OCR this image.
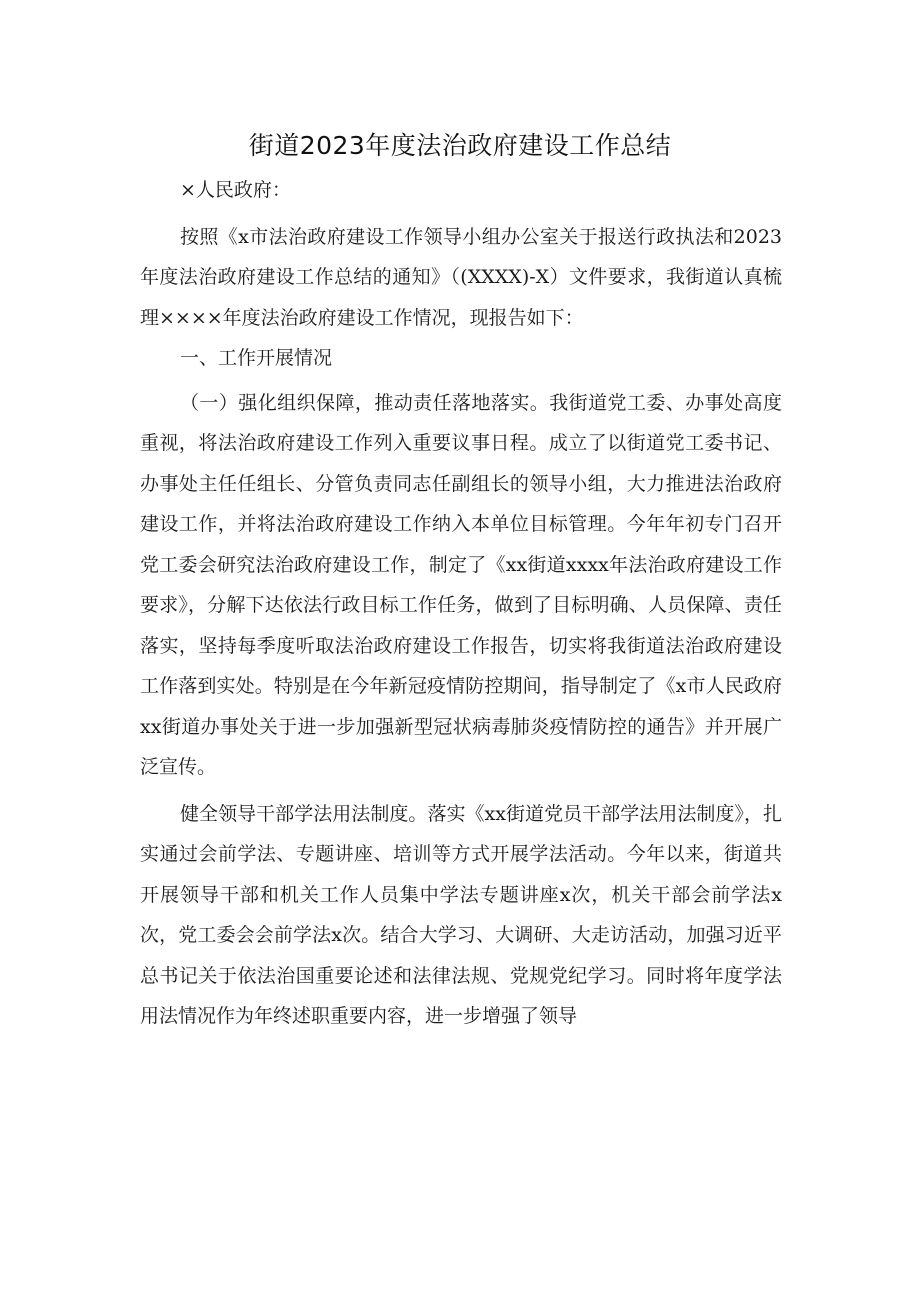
街道2023年度法治政府建设工作总结

×人民政府：

按照《x市法治政府建设工作领导小组办公室关于报送行政执法和2023年度法治政府建设工作总结的通知》（(XXXX)-X）文件要求，我街道认真梳理××××年度法治政府建设工作情况，现报告如下：

一、工作开展情况

（一）强化组织保障，推动责任落地落实。我街道党工委、办事处高度重视，将法治政府建设工作列入重要议事日程。成立了以街道党工委书记、办事处主任任组长、分管负责同志任副组长的领导小组，大力推进法治政府建设工作，并将法治政府建设工作纳入本单位目标管理。今年年初专门召开党工委会研究法治政府建设工作，制定了《xx街道xxxx年法治政府建设工作要求》，分解下达依法行政目标工作任务，做到了目标明确、人员保障、责任落实，坚持每季度听取法治政府建设工作报告，切实将我街道法治政府建设工作落到实处。特别是在今年新冠疫情防控期间，指导制定了《x市人民政府xx街道办事处关于进一步加强新型冠状病毒肺炎疫情防控的通告》并开展广泛宣传。

健全领导干部学法用法制度。落实《xx街道党员干部学法用法制度》，扎实通过会前学法、专题讲座、培训等方式开展学法活动。今年以来，街道共开展领导干部和机关工作人员集中学法专题讲座x次，机关干部会前学法x次，党工委会会前学法x次。结合大学习、大调研、大走访活动，加强习近平总书记关于依法治国重要论述和法律法规、党规党纪学习。同时将年度学法用法情况作为年终述职重要内容，进一步增强了领导
